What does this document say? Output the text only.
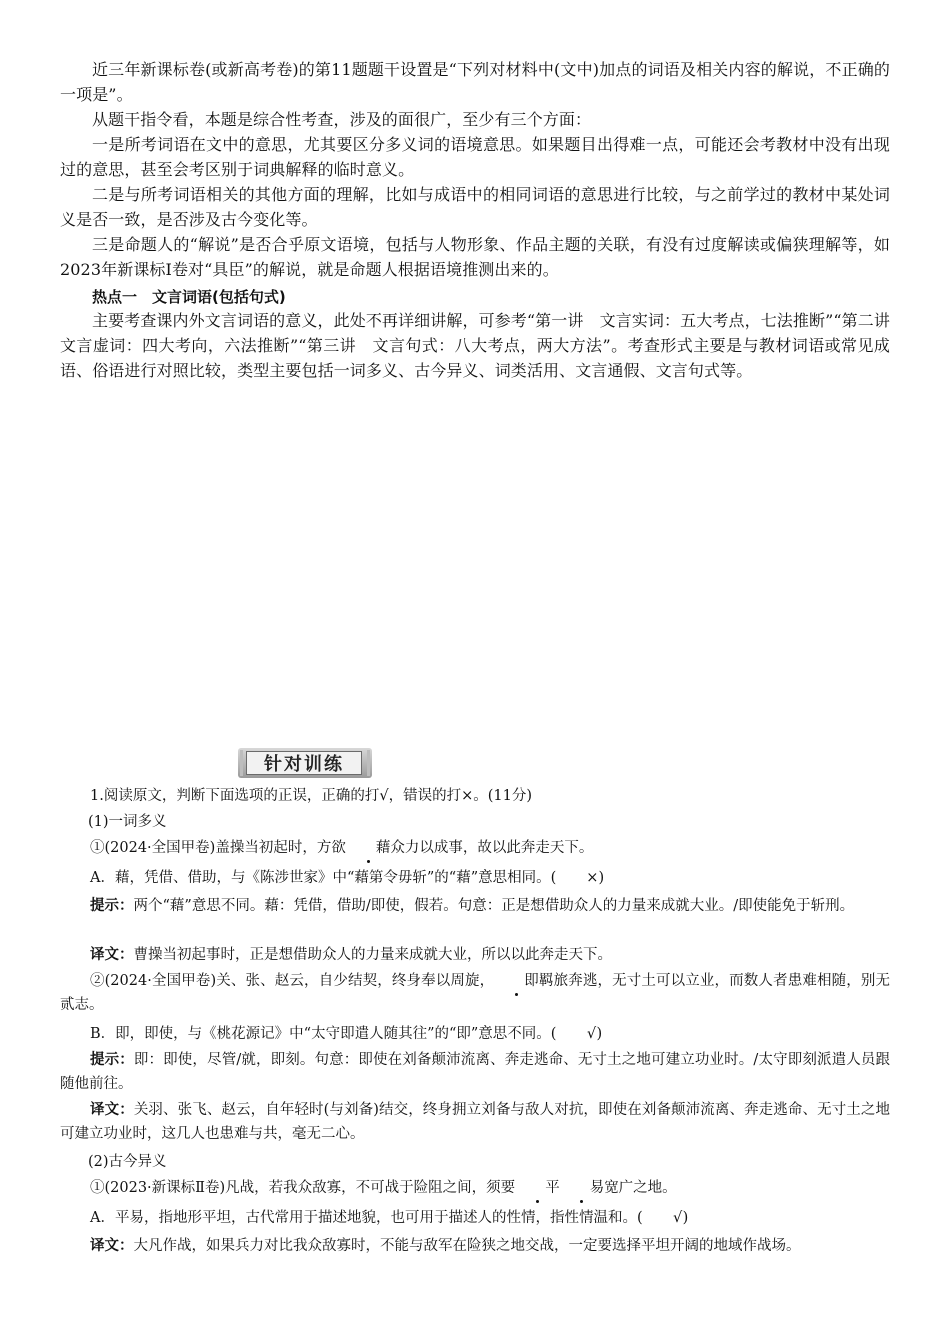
近三年新课标卷(或新高考卷)的第11题题干设置是“下列对材料中(文中)加点的词语及相关内容的解说，不正确的一项是”。

从题干指令看，本题是综合性考查，涉及的面很广，至少有三个方面：

一是所考词语在文中的意思，尤其要区分多义词的语境意思。如果题目出得难一点，可能还会考教材中没有出现过的意思，甚至会考区别于词典解释的临时意义。

二是与所考词语相关的其他方面的理解，比如与成语中的相同词语的意思进行比较，与之前学过的教材中某处词义是否一致，是否涉及古今变化等。

三是命题人的“解说”是否合乎原文语境，包括与人物形象、作品主题的关联，有没有过度解读或偏狭理解等，如2023年新课标Ⅰ卷对“具臣”的解说，就是命题人根据语境推测出来的。

热点一　文言词语(包括句式)

主要考查课内外文言词语的意义，此处不再详细讲解，可参考“第一讲　文言实词：五大考点，七法推断”“第二讲　文言虚词：四大考向，六法推断”“第三讲　文言句式：八大考点，两大方法”。考查形式主要是与教材词语或常见成语、俗语进行对照比较，类型主要包括一词多义、古今异义、词类活用、文言通假、文言句式等。

针对训练

1.阅读原文，判断下面选项的正误，正确的打√，错误的打×。(11分)

(1)一词多义

①(2024·全国甲卷)盖操当初起时，方欲 藉众力以成事，故以此奔走天下。

A．藉，凭借、借助，与《陈涉世家》中“藉第令毋斩”的“藉”意思相同。( ×)

提示：两个“藉”意思不同。藉：凭借，借助/即使，假若。句意：正是想借助众人的力量来成就大业。/即使能免于斩刑。

译文：曹操当初起事时，正是想借助众人的力量来成就大业，所以以此奔走天下。

②(2024·全国甲卷)关、张、赵云，自少结契，终身奉以周旋， 即羁旅奔逃，无寸土可以立业，而数人者患难相随，别无贰志。

B．即，即使，与《桃花源记》中“太守即遣人随其往”的“即”意思不同。( √)

提示：即：即使，尽管/就，即刻。句意：即使在刘备颠沛流离、奔走逃命、无寸土之地可建立功业时。/太守即刻派遣人员跟随他前往。

译文：关羽、张飞、赵云，自年轻时(与刘备)结交，终身拥立刘备与敌人对抗，即使在刘备颠沛流离、奔走逃命、无寸土之地可建立功业时，这几人也患难与共，毫无二心。

(2)古今异义

①(2023·新课标Ⅱ卷)凡战，若我众敌寡，不可战于险阻之间，须要 平 易宽广之地。

A．平易，指地形平坦，古代常用于描述地貌，也可用于描述人的性情，指性情温和。( √)

译文：大凡作战，如果兵力对比我众敌寡时，不能与敌军在险狭之地交战，一定要选择平坦开阔的地域作战场。
